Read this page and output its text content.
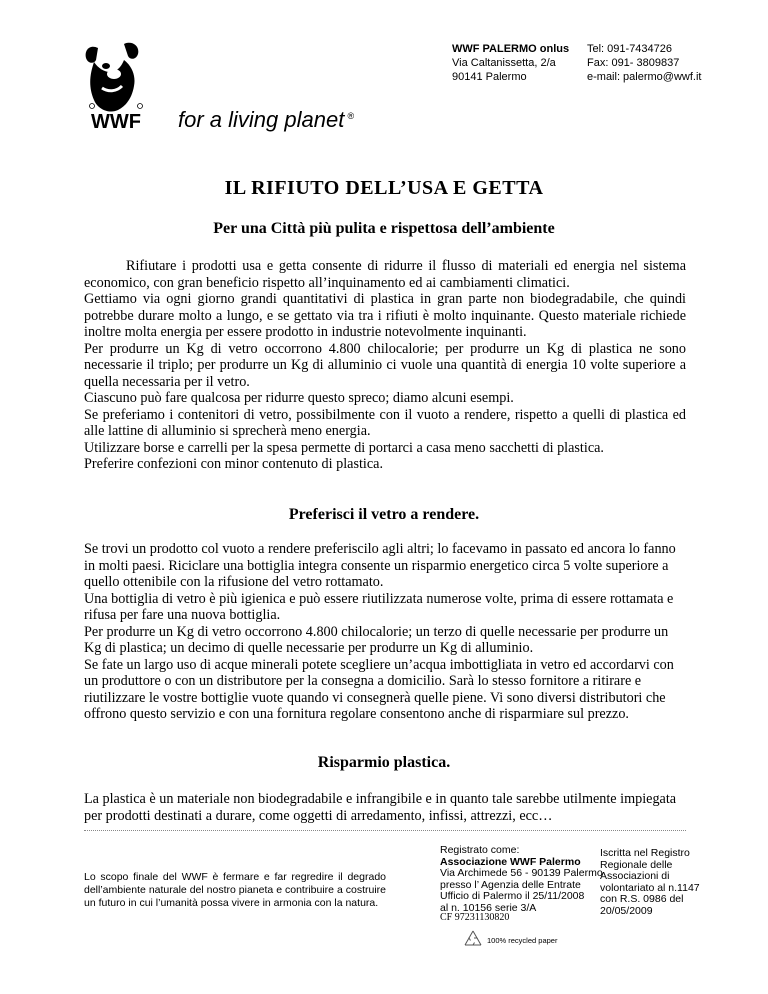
WWF for a living planet ®
WWF PALERMO onlus
Via Caltanissetta, 2/a
90141 Palermo
Tel: 091-7434726
Fax: 091- 3809837
e-mail: palermo@wwf.it
IL RIFIUTO DELL’USA E GETTA
Per una Città più pulita e rispettosa dell’ambiente

Rifiutare i prodotti usa e getta consente di ridurre il flusso di materiali ed energia nel sistema economico, con gran beneficio rispetto all’inquinamento ed ai cambiamenti climatici.

Gettiamo via ogni giorno grandi quantitativi di plastica in gran parte non biodegradabile, che quindi potrebbe durare molto a lungo, e se gettato via tra i rifiuti è molto inquinante. Questo materiale richiede inoltre molta energia per essere prodotto in industrie notevolmente inquinanti.

Per produrre un Kg di vetro occorrono 4.800 chilocalorie; per produrre un Kg di plastica ne sono necessarie il triplo; per produrre un Kg di alluminio ci vuole una quantità di energia 10 volte superiore a quella necessaria per il vetro.

Ciascuno può fare qualcosa per ridurre questo spreco; diamo alcuni esempi.

Se preferiamo i contenitori di vetro, possibilmente con il vuoto a rendere, rispetto a quelli di plastica ed alle lattine di alluminio si sprecherà meno energia.

Utilizzare borse e carrelli per la spesa permette di portarci a casa meno sacchetti di plastica.

Preferire confezioni con minor contenuto di plastica.

Preferisci il vetro a rendere.

Se trovi un prodotto col vuoto a rendere preferiscilo agli altri; lo facevamo in passato ed ancora lo fanno in molti paesi. Riciclare una bottiglia integra consente un risparmio energetico circa 5 volte superiore a quello ottenibile con la rifusione del vetro rottamato.

Una bottiglia di vetro è più igienica e può essere riutilizzata numerose volte, prima di essere rottamata e rifusa per fare una nuova bottiglia.

Per produrre un Kg di vetro occorrono 4.800 chilocalorie; un terzo di quelle necessarie per produrre un Kg di plastica; un decimo di quelle necessarie per produrre un Kg di alluminio.

Se fate un largo uso di acque minerali potete scegliere un’acqua imbottigliata in vetro ed accordarvi con un produttore o con un distributore per la consegna a domicilio. Sarà lo stesso fornitore a ritirare e riutilizzare le vostre bottiglie vuote quando vi consegnerà quelle piene. Vi sono diversi distributori che offrono questo servizio e con una fornitura regolare consentono anche di risparmiare sul prezzo.

Risparmio plastica.

La plastica è un materiale non biodegradabile e infrangibile e in quanto tale sarebbe utilmente impiegata per prodotti destinati a durare, come oggetti di arredamento, infissi, attrezzi, ecc…

Lo scopo finale del WWF è fermare e far regredire il degrado dell’ambiente naturale del nostro pianeta e contribuire a costruire un futuro in cui l’umanità possa vivere in armonia con la natura.
Registrato come:
Associazione WWF Palermo
Via Archimede 56 - 90139 Palermo
presso l’ Agenzia delle Entrate
Ufficio di Palermo il 25/11/2008
al n. 10156 serie 3/A
CF 97231130820
Iscritta nel Registro Regionale delle Associazioni di volontariato al n.1147 con R.S. 0986 del 20/05/2009
100% recycled paper
